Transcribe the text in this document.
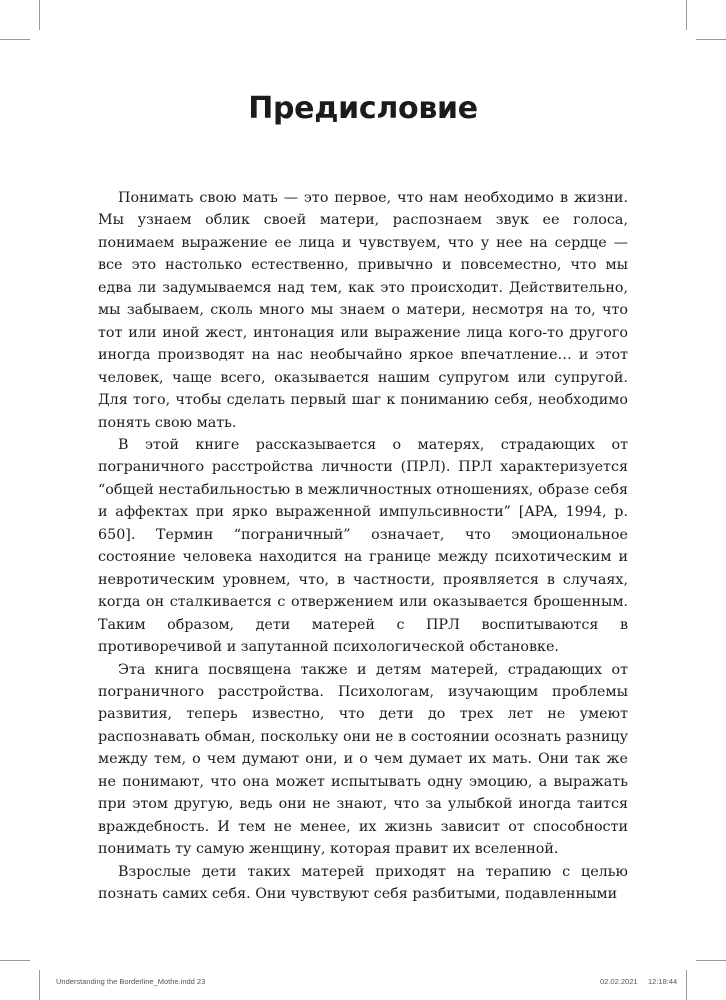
Предисловие

Понимать свою мать — это первое, что нам необходимо в жизни. Мы узнаем облик своей матери, распознаем звук ее голоса, понимаем выражение ее лица и чувствуем, что у нее на сердце — все это настолько естественно, привычно и повсеместно, что мы едва ли задумываемся над тем, как это происходит. Действительно, мы забываем, сколь много мы знаем о матери, несмотря на то, что тот или иной жест, интонация или выражение лица кого-то другого иногда производят на нас необычайно яркое впечатление… и этот человек, чаще всего, оказывается нашим супругом или супругой. Для того, чтобы сделать первый шаг к пониманию себя, необходимо понять свою мать.

В этой книге рассказывается о матерях, страдающих от пограничного расстройства личности (ПРЛ). ПРЛ характеризуется “общей нестабильностью в межличностных отношениях, образе себя и аффектах при ярко выраженной импульсивности” [APA, 1994, p. 650]. Термин “пограничный” означает, что эмоциональное состояние человека находится на границе между психотическим и невротическим уровнем, что, в частности, проявляется в случаях, когда он сталкивается с отвержением или оказывается брошенным. Таким образом, дети матерей с ПРЛ воспитываются в противоречивой и запутанной психологической обстановке.

Эта книга посвящена также и детям матерей, страдающих от пограничного расстройства. Психологам, изучающим проблемы развития, теперь известно, что дети до трех лет не умеют распознавать обман, поскольку они не в состоянии осознать разницу между тем, о чем думают они, и о чем думает их мать. Они так же не понимают, что она может испытывать одну эмоцию, а выражать при этом другую, ведь они не знают, что за улыбкой иногда таится враждебность. И тем не менее, их жизнь зависит от способности понимать ту самую женщину, которая правит их вселенной.

Взрослые дети таких матерей приходят на терапию с целью познать самих себя. Они чувствуют себя разбитыми, подавленными

Understanding the Borderline_Mothe.indd 23	02.02.2021 12:18:44
